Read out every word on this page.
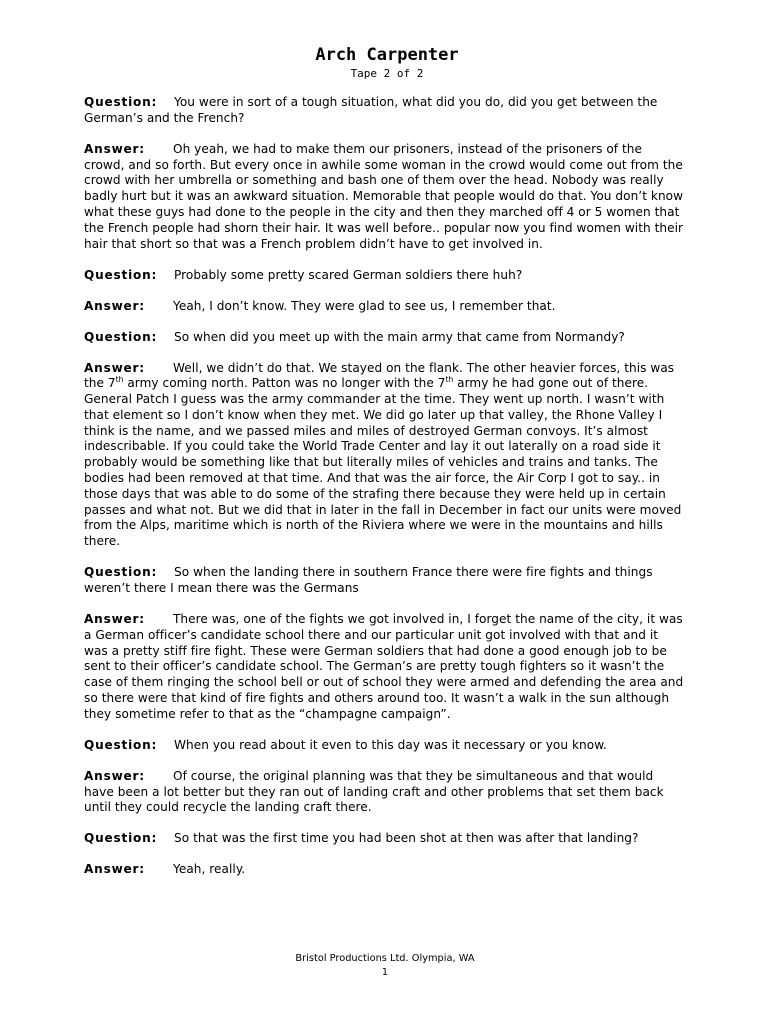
Arch Carpenter
Tape 2 of 2
Question: You were in sort of a tough situation, what did you do, did you get between the German’s and the French?
Answer: Oh yeah, we had to make them our prisoners, instead of the prisoners of the crowd, and so forth. But every once in awhile some woman in the crowd would come out from the crowd with her umbrella or something and bash one of them over the head. Nobody was really badly hurt but it was an awkward situation. Memorable that people would do that. You don’t know what these guys had done to the people in the city and then they marched off 4 or 5 women that the French people had shorn their hair. It was well before.. popular now you find women with their hair that short so that was a French problem didn’t have to get involved in.
Question: Probably some pretty scared German soldiers there huh?
Answer: Yeah, I don’t know. They were glad to see us, I remember that.
Question: So when did you meet up with the main army that came from Normandy?
Answer: Well, we didn’t do that. We stayed on the flank. The other heavier forces, this was the 7th army coming north. Patton was no longer with the 7th army he had gone out of there. General Patch I guess was the army commander at the time. They went up north. I wasn’t with that element so I don’t know when they met. We did go later up that valley, the Rhone Valley I think is the name, and we passed miles and miles of destroyed German convoys. It’s almost indescribable. If you could take the World Trade Center and lay it out laterally on a road side it probably would be something like that but literally miles of vehicles and trains and tanks. The bodies had been removed at that time. And that was the air force, the Air Corp I got to say.. in those days that was able to do some of the strafing there because they were held up in certain passes and what not. But we did that in later in the fall in December in fact our units were moved from the Alps, maritime which is north of the Riviera where we were in the mountains and hills there.
Question: So when the landing there in southern France there were fire fights and things weren’t there I mean there was the Germans
Answer: There was, one of the fights we got involved in, I forget the name of the city, it was a German officer’s candidate school there and our particular unit got involved with that and it was a pretty stiff fire fight. These were German soldiers that had done a good enough job to be sent to their officer’s candidate school. The German’s are pretty tough fighters so it wasn’t the case of them ringing the school bell or out of school they were armed and defending the area and so there were that kind of fire fights and others around too. It wasn’t a walk in the sun although they sometime refer to that as the “champagne campaign”.
Question: When you read about it even to this day was it necessary or you know.
Answer: Of course, the original planning was that they be simultaneous and that would have been a lot better but they ran out of landing craft and other problems that set them back until they could recycle the landing craft there.
Question: So that was the first time you had been shot at then was after that landing?
Answer: Yeah, really.
Bristol Productions Ltd. Olympia, WA
1
